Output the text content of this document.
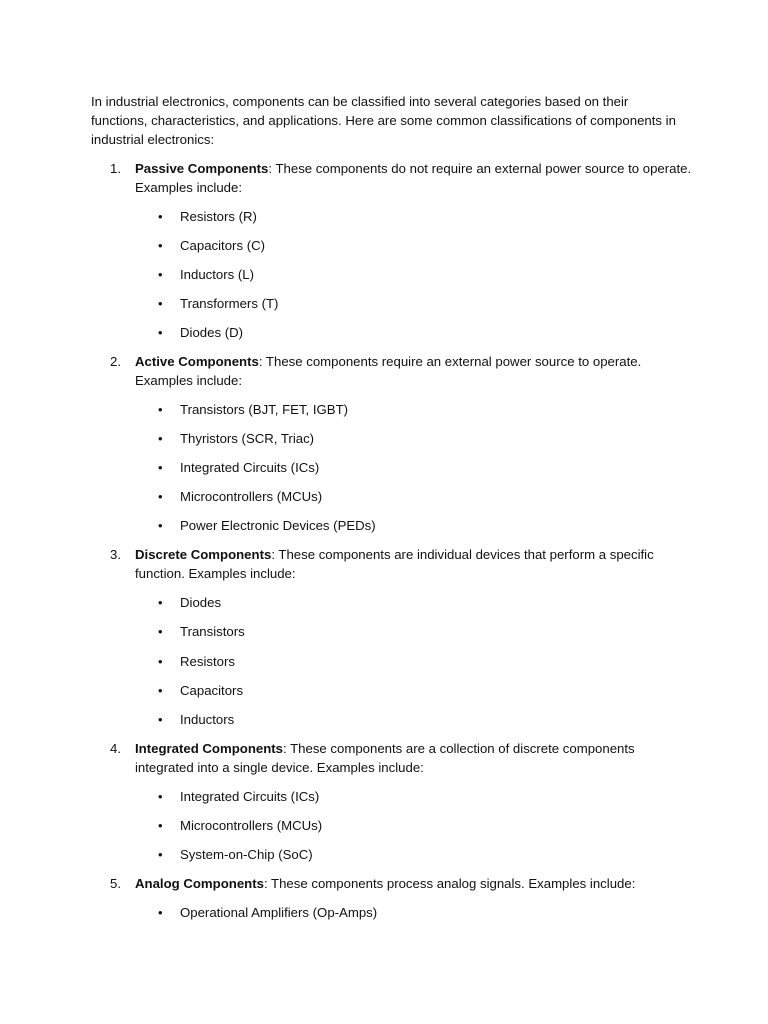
In industrial electronics, components can be classified into several categories based on their functions, characteristics, and applications. Here are some common classifications of components in industrial electronics:

1.	Passive Components: These components do not require an external power source to operate. Examples include:

•	Resistors (R)
•	Capacitors (C)
•	Inductors (L)
•	Transformers (T)
•	Diodes (D)
2.	Active Components: These components require an external power source to operate. Examples include:

•	Transistors (BJT, FET, IGBT)
•	Thyristors (SCR, Triac)
•	Integrated Circuits (ICs)
•	Microcontrollers (MCUs)
•	Power Electronic Devices (PEDs)
3.	Discrete Components: These components are individual devices that perform a specific function. Examples include:

•	Diodes
•	Transistors
•	Resistors
•	Capacitors
•	Inductors
4.	Integrated Components: These components are a collection of discrete components integrated into a single device. Examples include:

•	Integrated Circuits (ICs)
•	Microcontrollers (MCUs)
•	System-on-Chip (SoC)
5.	Analog Components: These components process analog signals. Examples include:

•	Operational Amplifiers (Op-Amps)
